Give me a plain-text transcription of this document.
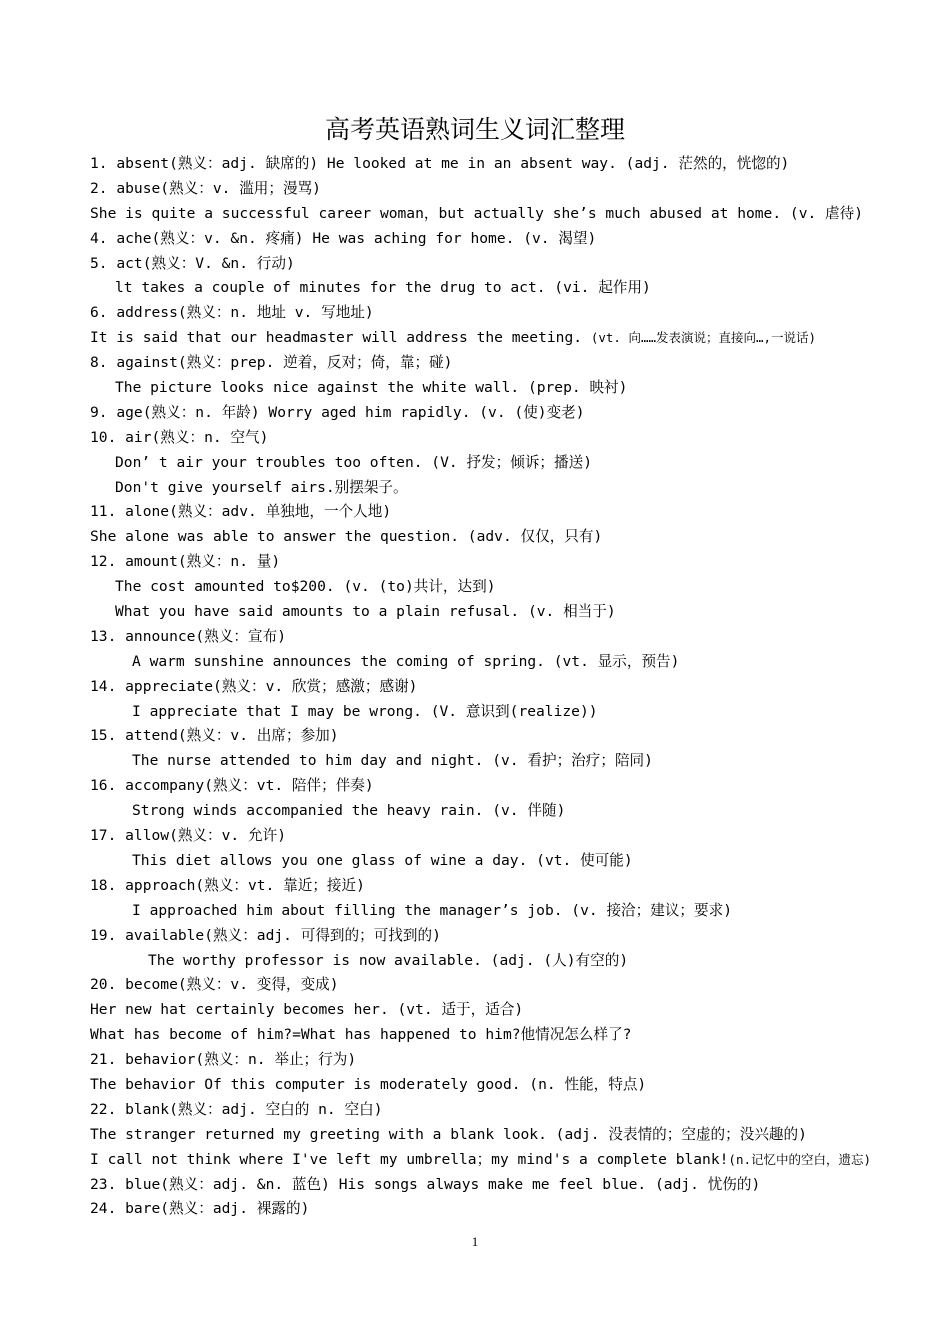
高考英语熟词生义词汇整理
1. absent(熟义：adj. 缺席的) He looked at me in an absent way. (adj. 茫然的，恍惚的)
2. abuse(熟义：v. 滥用；漫骂)
She is quite a successful career woman，but actually she’s much abused at home. (v. 虐待)
4. ache(熟义：v. &n. 疼痛) He was aching for home. (v. 渴望)
5. act(熟义：V. &n. 行动)
lt takes a couple of minutes for the drug to act. (vi. 起作用)
6. address(熟义：n. 地址 v. 写地址)
It is said that our headmaster will address the meeting. (vt. 向……发表演说；直接向…,一说话)
8. against(熟义：prep. 逆着，反对；倚，靠；碰)
The picture looks nice against the white wall. (prep. 映衬)
9. age(熟义：n. 年龄) Worry aged him rapidly. (v. (使)变老)
10. air(熟义：n. 空气)
Don’ t air your troubles too often. (V. 抒发；倾诉；播送)
Don't give yourself airs.别摆架子。
11. alone(熟义：adv. 单独地，一个人地)
She alone was able to answer the question. (adv. 仅仅，只有)
12. amount(熟义：n. 量)
The cost amounted to$200. (v. (to)共计，达到)
What you have said amounts to a plain refusal. (v. 相当于)
13. announce(熟义：宣布)
A warm sunshine announces the coming of spring. (vt. 显示，预告)
14. appreciate(熟义：v. 欣赏；感激；感谢)
I appreciate that I may be wrong. (V. 意识到(realize))
15. attend(熟义：v. 出席；参加)
The nurse attended to him day and night. (v. 看护；治疗；陪同)
16. accompany(熟义：vt. 陪伴；伴奏)
Strong winds accompanied the heavy rain. (v. 伴随)
17. allow(熟义：v. 允许)
This diet allows you one glass of wine a day. (vt. 使可能)
18. approach(熟义：vt. 靠近；接近)
I approached him about filling the manager’s job. (v. 接洽；建议；要求)
19. available(熟义：adj. 可得到的；可找到的)
The worthy professor is now available. (adj. (人)有空的)
20. become(熟义：v. 变得，变成)
Her new hat certainly becomes her. (vt. 适于，适合)
What has become of him?=What has happened to him?他情况怎么样了?
21. behavior(熟义：n. 举止；行为)
The behavior Of this computer is moderately good. (n. 性能，特点)
22. blank(熟义：adj. 空白的 n. 空白)
The stranger returned my greeting with a blank look. (adj. 没表情的；空虚的；没兴趣的)
I call not think where I've left my umbrella；my mind's a complete blank!(n.记忆中的空白，遗忘)
23. blue(熟义：adj. &n. 蓝色) His songs always make me feel blue. (adj. 忧伤的)
24. bare(熟义：adj. 裸露的)
1
